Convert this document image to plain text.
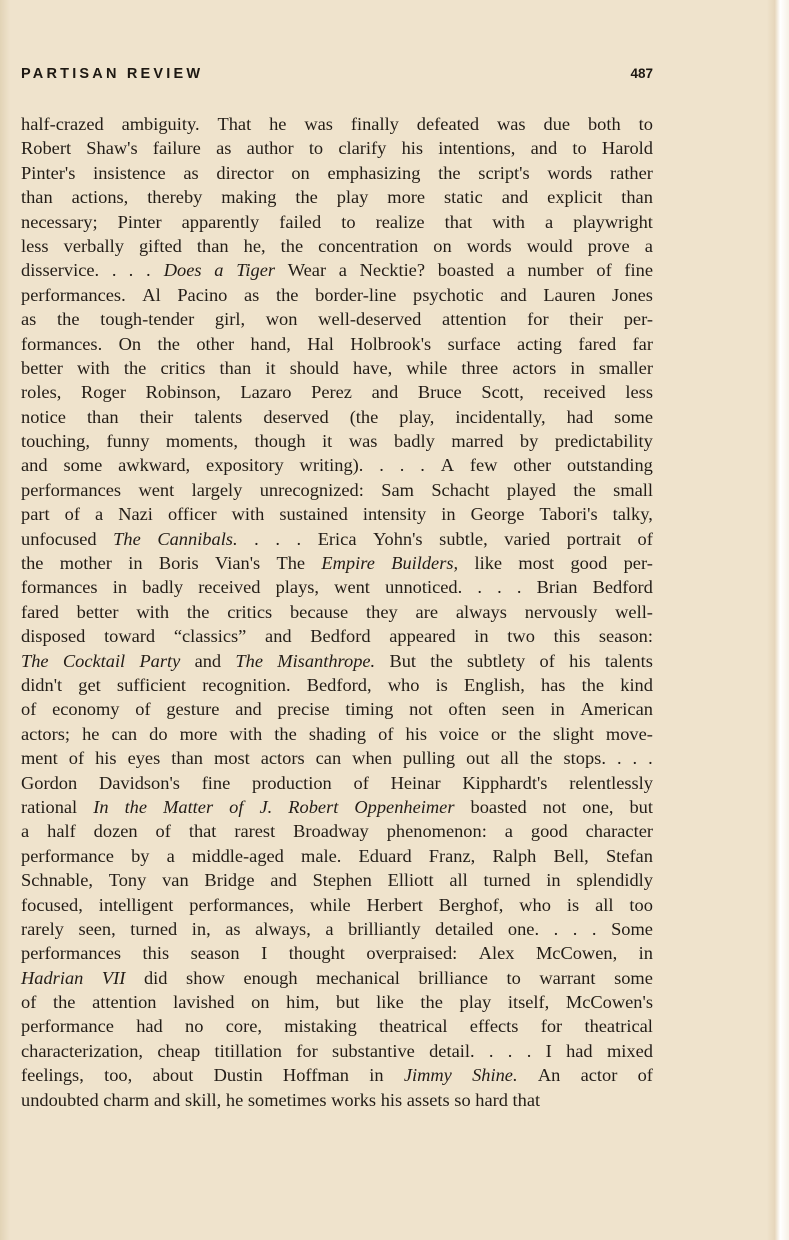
PARTISAN REVIEW	487
half-crazed ambiguity. That he was finally defeated was due both to
Robert Shaw's failure as author to clarify his intentions, and to Harold
Pinter's insistence as director on emphasizing the script's words rather
than actions, thereby making the play more static and explicit than
necessary; Pinter apparently failed to realize that with a playwright
less verbally gifted than he, the concentration on words would prove a
disservice. . . . Does a Tiger Wear a Necktie? boasted a number of fine
performances. Al Pacino as the border-line psychotic and Lauren Jones
as the tough-tender girl, won well-deserved attention for their per-
formances. On the other hand, Hal Holbrook's surface acting fared far
better with the critics than it should have, while three actors in smaller
roles, Roger Robinson, Lazaro Perez and Bruce Scott, received less
notice than their talents deserved (the play, incidentally, had some
touching, funny moments, though it was badly marred by predictability
and some awkward, expository writing). . . . A few other outstanding
performances went largely unrecognized: Sam Schacht played the small
part of a Nazi officer with sustained intensity in George Tabori's talky,
unfocused The Cannibals. . . . Erica Yohn's subtle, varied portrait of
the mother in Boris Vian's The Empire Builders, like most good per-
formances in badly received plays, went unnoticed. . . . Brian Bedford
fared better with the critics because they are always nervously well-
disposed toward “classics” and Bedford appeared in two this season:
The Cocktail Party and The Misanthrope. But the subtlety of his talents
didn't get sufficient recognition. Bedford, who is English, has the kind
of economy of gesture and precise timing not often seen in American
actors; he can do more with the shading of his voice or the slight move-
ment of his eyes than most actors can when pulling out all the stops. . . .
Gordon Davidson's fine production of Heinar Kipphardt's relentlessly
rational In the Matter of J. Robert Oppenheimer boasted not one, but
a half dozen of that rarest Broadway phenomenon: a good character
performance by a middle-aged male. Eduard Franz, Ralph Bell, Stefan
Schnable, Tony van Bridge and Stephen Elliott all turned in splendidly
focused, intelligent performances, while Herbert Berghof, who is all too
rarely seen, turned in, as always, a brilliantly detailed one. . . . Some
performances this season I thought overpraised: Alex McCowen, in
Hadrian VII did show enough mechanical brilliance to warrant some
of the attention lavished on him, but like the play itself, McCowen's
performance had no core, mistaking theatrical effects for theatrical
characterization, cheap titillation for substantive detail. . . . I had mixed
feelings, too, about Dustin Hoffman in Jimmy Shine. An actor of
undoubted
charm
and
skill,
he
sometimes
works
his
assets
so
hard
that
